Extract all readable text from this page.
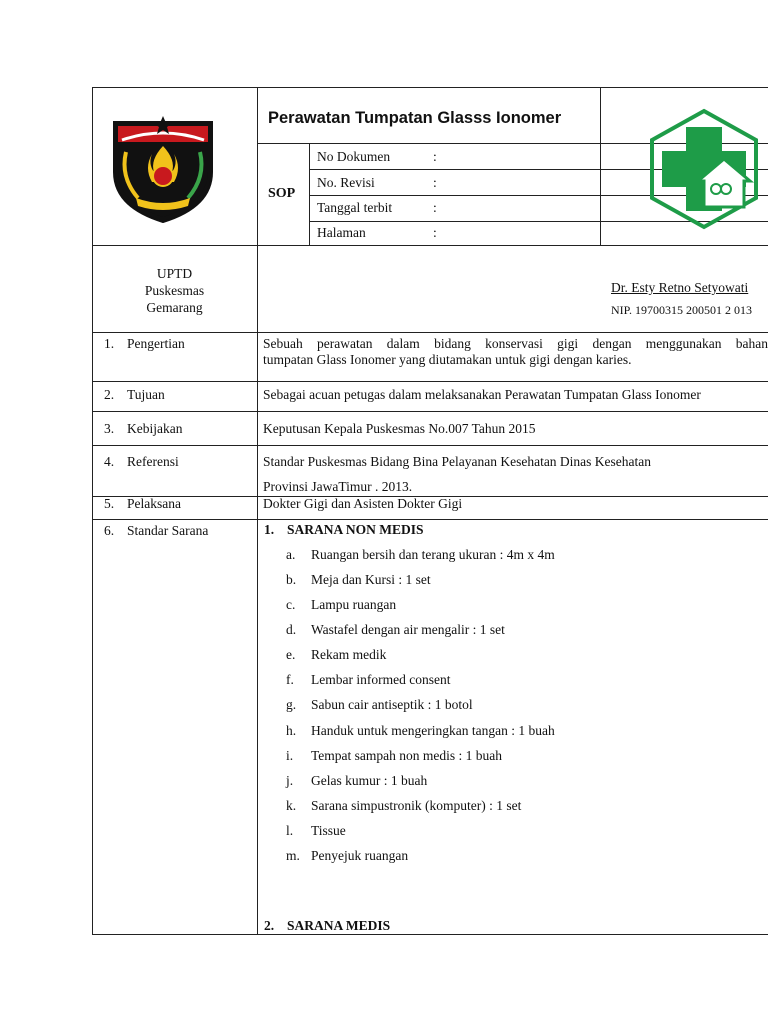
Perawatan Tumpatan Glasss Ionomer
SOP
No Dokumen	:
No. Revisi	:
Tanggal terbit	:
Halaman	:
UPTD
Puskesmas
Gemarang
Dr. Esty Retno Setyowati
NIP. 19700315 200501 2 013
1. Pengertian	Sebuah perawatan dalam bidang konservasi gigi dengan menggunakan bahan
tumpatan Glass Ionomer yang diutamakan untuk gigi dengan karies.
2. Tujuan	Sebagai acuan petugas dalam melaksanakan Perawatan Tumpatan Glass Ionomer
3. Kebijakan	Keputusan Kepala Puskesmas No.007 Tahun 2015
4. Referensi	Standar Puskesmas Bidang Bina Pelayanan Kesehatan Dinas Kesehatan
Provinsi JawaTimur . 2013.
5. Pelaksana	Dokter Gigi dan Asisten Dokter Gigi
6. Standar Sarana	1. SARANA NON MEDIS
a.	Ruangan bersih dan terang ukuran : 4m x 4m
b.	Meja dan Kursi : 1 set
c.	Lampu ruangan
d.	Wastafel dengan air mengalir : 1 set
e.	Rekam medik
f.	Lembar informed consent
g.	Sabun cair antiseptik : 1 botol
h.	Handuk untuk mengeringkan tangan : 1 buah
i.	Tempat sampah non medis : 1 buah
j.	Gelas kumur : 1 buah
k.	Sarana simpustronik (komputer) : 1 set
l.	Tissue
m. Penyejuk ruangan
2. SARANA MEDIS
